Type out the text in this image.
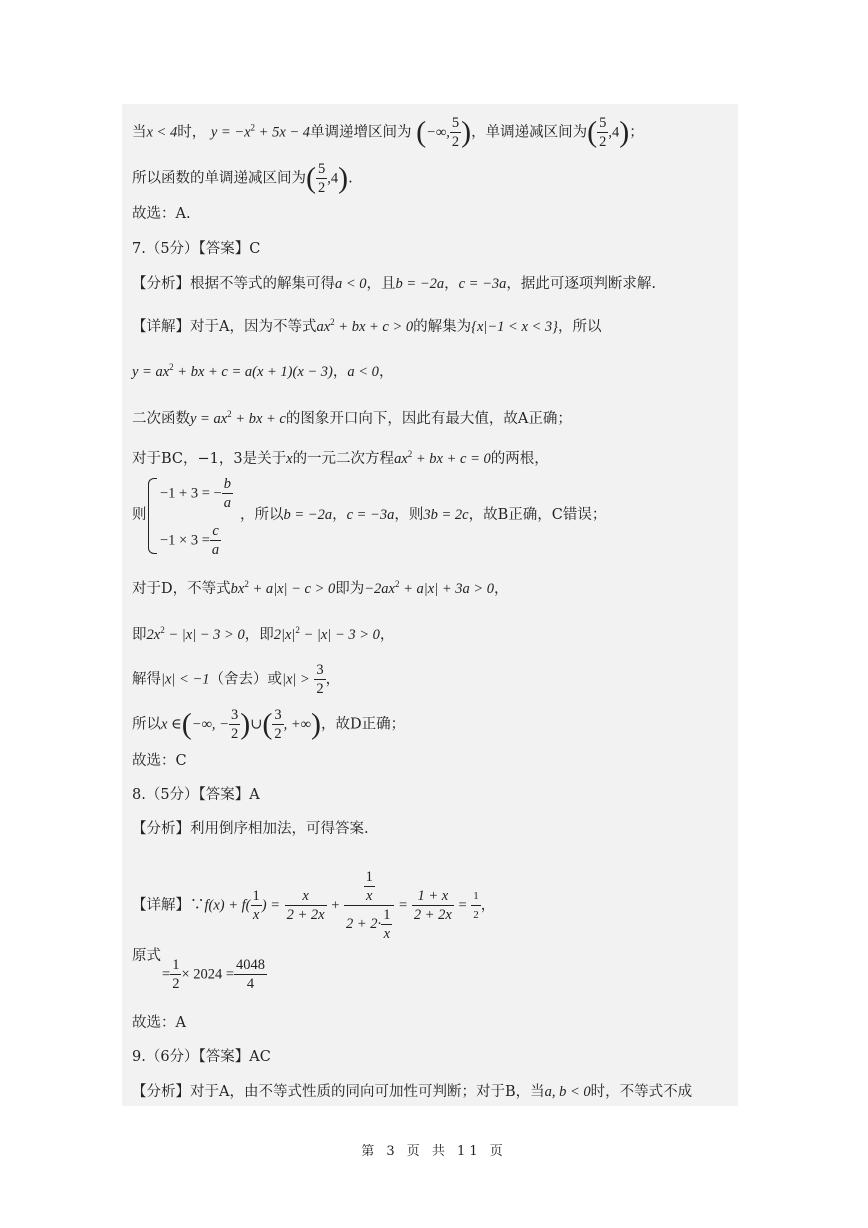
当x < 4时， $y = -x^2 + 5x - 4$单调递增区间为 (−∞, $\frac{5}{2}$ )，单调递减区间为( $\frac{5}{2} ,4$)；
所以函数的单调递减区间为( $\frac{5}{2} ,4$).
故选：A.
7.（5分）【答案】C
【分析】根据不等式的解集可得a < 0，且b = −2a，c = −3a，据此可逐项判断求解.
【详解】对于A，因为不等式$ax^2$ + bx + c > 0的解集为{x|−1 < x < 3}，所以
$y = ax^2$ + bx + c = a(x + 1)(x − 3)，a < 0，
二次函数$y = ax^2$ + bx + c的图象开口向下，因此有最大值，故A正确；
对于BC，−1，3是关于x的一元二次方程$ax^2$ + bx + c = 0的两根，
则
−1 + 3 = − $\frac{b}{a}$
$-1 \times 3 = \frac{c}{a}$
，所以b = −2a，c = −3a，则3b = 2c，故B正确，C错误；
对于D，不等式$bx^2 + a|x| - c > 0$即为$-2ax^2 + a|x| + 3a > 0$，
即$2x^2 - |x| - 3 > 0$，即$2|x|^2 - |x| - 3 > 0$，
解得|x| < −1（舍去）或$|x| > \frac{3}{2}$ ，
所以x ∈(−∞, − $\frac{3}{2}$ )∪( $\frac{3}{2}$ , +∞)，故D正确；
故选：C
8.（5分）【答案】A
【分析】利用倒序相加法，可得答案.
【详解】∵f(x) + $f( \frac{1}{x}$ ) = $\frac{x}{2 + 2x} + \frac{\frac{1}{x}}{2 + 2\cdot \frac{1}{x}} = \frac{1 + x}{2 + 2x} = \frac{1}{2}$ ，
原式
= $\frac{1}{2} \times 2024 = \frac{4048}{4}$
故选：A
9.（6分）【答案】AC
【分析】对于A，由不等式性质的同向可加性可判断；对于B，当a, b < 0时，不等式不成
第 3 页 共 11 页
